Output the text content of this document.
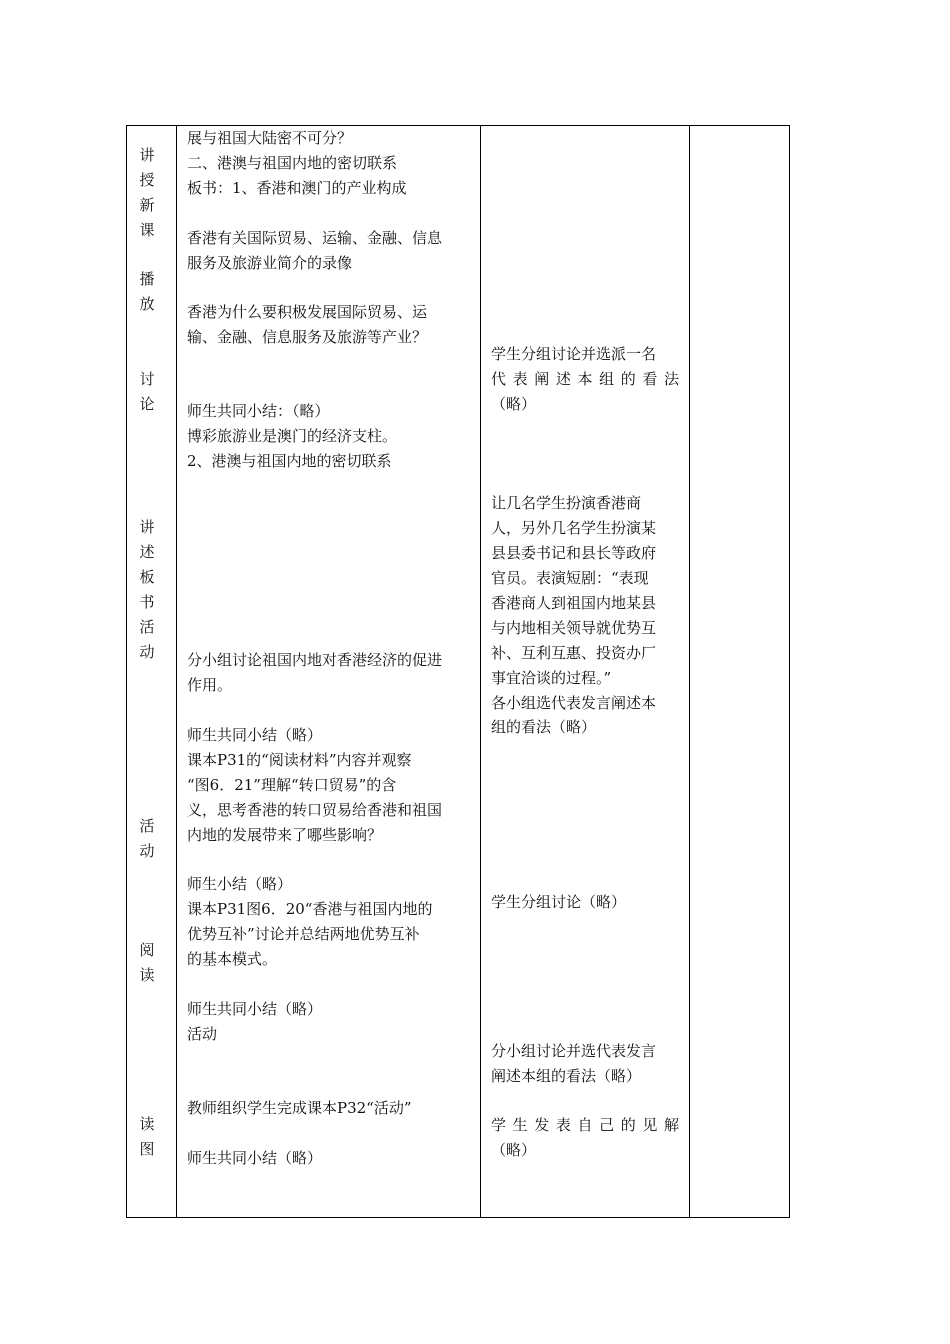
讲
授
新
课
播
放
讨
论
讲
述
板
书
活
动
活
动
阅
读
读
图
展与祖国大陆密不可分？
二、港澳与祖国内地的密切联系
板书：1、香港和澳门的产业构成
香港有关国际贸易、运输、金融、信息
服务及旅游业简介的录像
香港为什么要积极发展国际贸易、运
输、金融、信息服务及旅游等产业？
师生共同小结：（略）
博彩旅游业是澳门的经济支柱。
2、港澳与祖国内地的密切联系
分小组讨论祖国内地对香港经济的促进
作用。
师生共同小结（略）
课本P31的“阅读材料”内容并观察
“图6．21”理解“转口贸易”的含
义，思考香港的转口贸易给香港和祖国
内地的发展带来了哪些影响？
师生小结（略）
课本P31图6．20“香港与祖国内地的
优势互补”讨论并总结两地优势互补
的基本模式。
师生共同小结（略）
活动
教师组织学生完成课本P32“活动”
师生共同小结（略）
学生分组讨论并选派一名
代表阐述本组的看法
（略）
让几名学生扮演香港商
人，另外几名学生扮演某
县县委书记和县长等政府
官员。表演短剧：“表现
香港商人到祖国内地某县
与内地相关领导就优势互
补、互利互惠、投资办厂
事宜洽谈的过程。”
各小组选代表发言阐述本
组的看法（略）
学生分组讨论（略）
分小组讨论并选代表发言
阐述本组的看法（略）
学生发表自己的见解
（略）
